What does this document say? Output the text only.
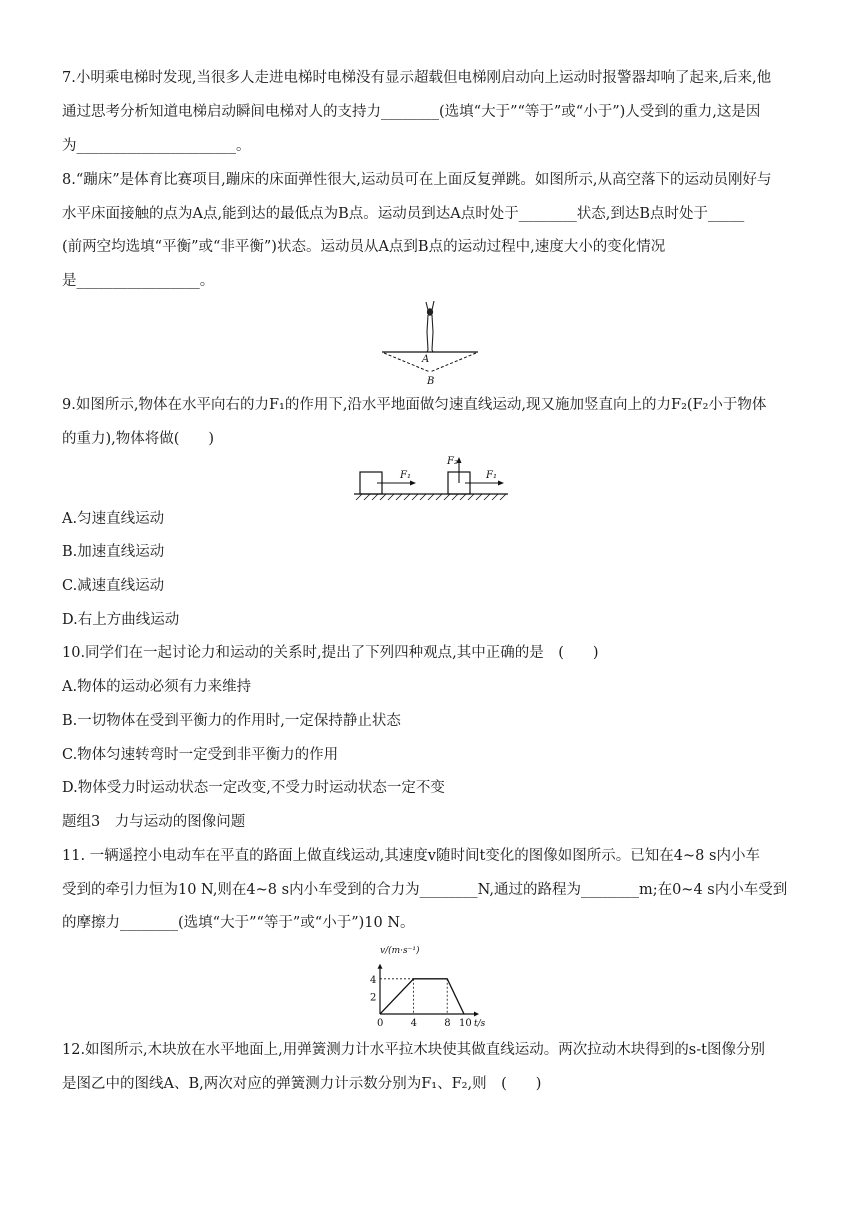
7.小明乘电梯时发现,当很多人走进电梯时电梯没有显示超载但电梯刚启动向上运动时报警器却响了起来,后来,他
通过思考分析知道电梯启动瞬间电梯对人的支持力________(选填“大于”“等于”或“小于”)人受到的重力,这是因
为______________________。
8.“蹦床”是体育比赛项目,蹦床的床面弹性很大,运动员可在上面反复弹跳。如图所示,从高空落下的运动员刚好与
水平床面接触的点为A点,能到达的最低点为B点。运动员到达A点时处于________状态,到达B点时处于_____
(前两空均选填“平衡”或“非平衡”)状态。运动员从A点到B点的运动过程中,速度大小的变化情况
是_________________。
A
B
9.如图所示,物体在水平向右的力F₁的作用下,沿水平地面做匀速直线运动,现又施加竖直向上的力F₂(F₂小于物体
的重力),物体将做(　　)
F₁
F₂
F₁
A.匀速直线运动
B.加速直线运动
C.减速直线运动
D.右上方曲线运动
10.同学们在一起讨论力和运动的关系时,提出了下列四种观点,其中正确的是　(　　)
A.物体的运动必须有力来维持
B.一切物体在受到平衡力的作用时,一定保持静止状态
C.物体匀速转弯时一定受到非平衡力的作用
D.物体受力时运动状态一定改变,不受力时运动状态一定不变
题组3　力与运动的图像问题
11. 一辆遥控小电动车在平直的路面上做直线运动,其速度v随时间t变化的图像如图所示。已知在4~8 s内小车
受到的牵引力恒为10 N,则在4~8 s内小车受到的合力为________N,通过的路程为________m;在0~4 s内小车受到
的摩擦力________(选填“大于”“等于”或“小于”)10 N。
v/(m·s⁻¹)
t/s
0	4	8 10
2
4
12.如图所示,木块放在水平地面上,用弹簧测力计水平拉木块使其做直线运动。两次拉动木块得到的s-t图像分别
是图乙中的图线A、B,两次对应的弹簧测力计示数分别为F₁、F₂,则　(　　)
